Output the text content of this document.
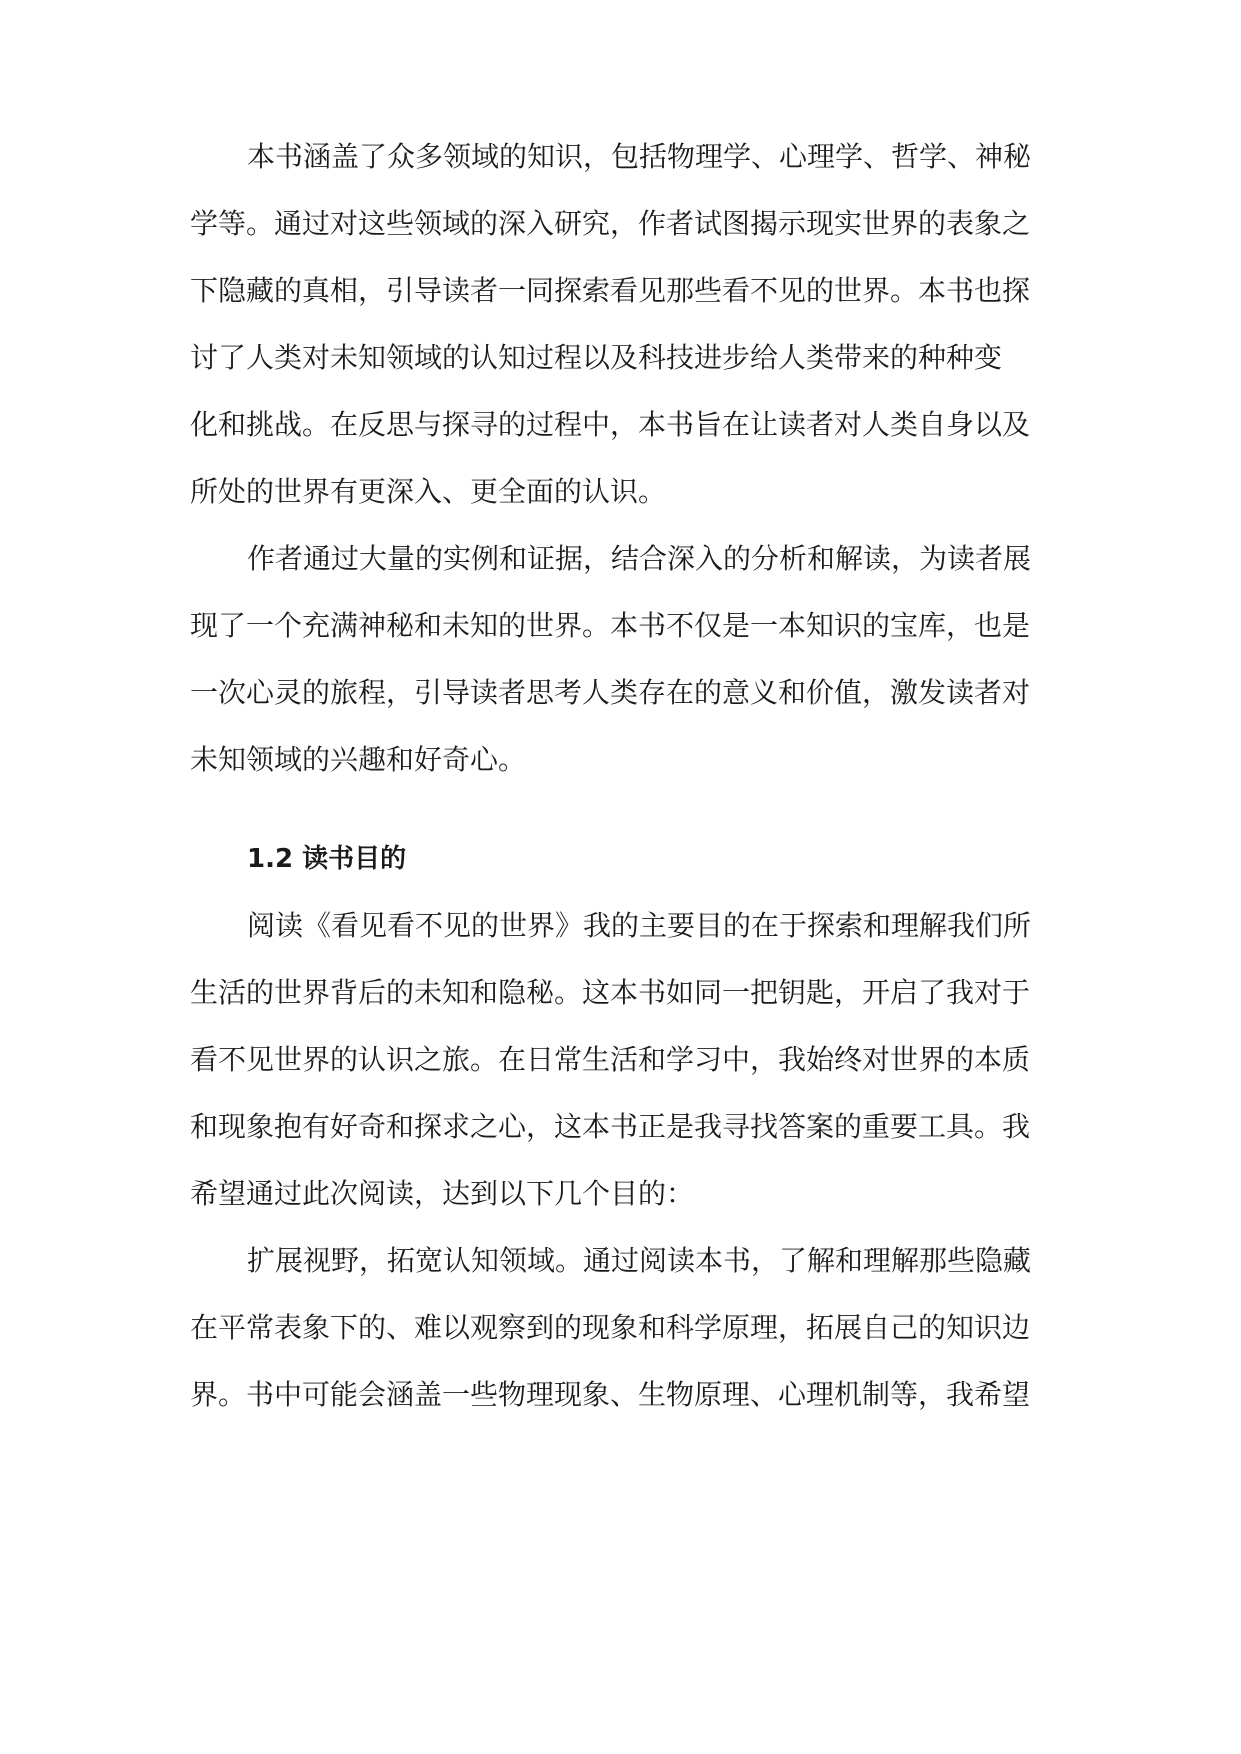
本书涵盖了众多领域的知识，包括物理学、心理学、哲学、神秘
学等。通过对这些领域的深入研究，作者试图揭示现实世界的表象之
下隐藏的真相，引导读者一同探索看见那些看不见的世界。本书也探
讨了人类对未知领域的认知过程以及科技进步给人类带来的种种变
化和挑战。在反思与探寻的过程中，本书旨在让读者对人类自身以及
所处的世界有更深入、更全面的认识。
作者通过大量的实例和证据，结合深入的分析和解读，为读者展
现了一个充满神秘和未知的世界。本书不仅是一本知识的宝库，也是
一次心灵的旅程，引导读者思考人类存在的意义和价值，激发读者对
未知领域的兴趣和好奇心。
1.2 读书目的
阅读《看见看不见的世界》我的主要目的在于探索和理解我们所
生活的世界背后的未知和隐秘。这本书如同一把钥匙，开启了我对于
看不见世界的认识之旅。在日常生活和学习中，我始终对世界的本质
和现象抱有好奇和探求之心，这本书正是我寻找答案的重要工具。我
希望通过此次阅读，达到以下几个目的：
扩展视野，拓宽认知领域。通过阅读本书，了解和理解那些隐藏
在平常表象下的、难以观察到的现象和科学原理，拓展自己的知识边
界。书中可能会涵盖一些物理现象、生物原理、心理机制等，我希望
